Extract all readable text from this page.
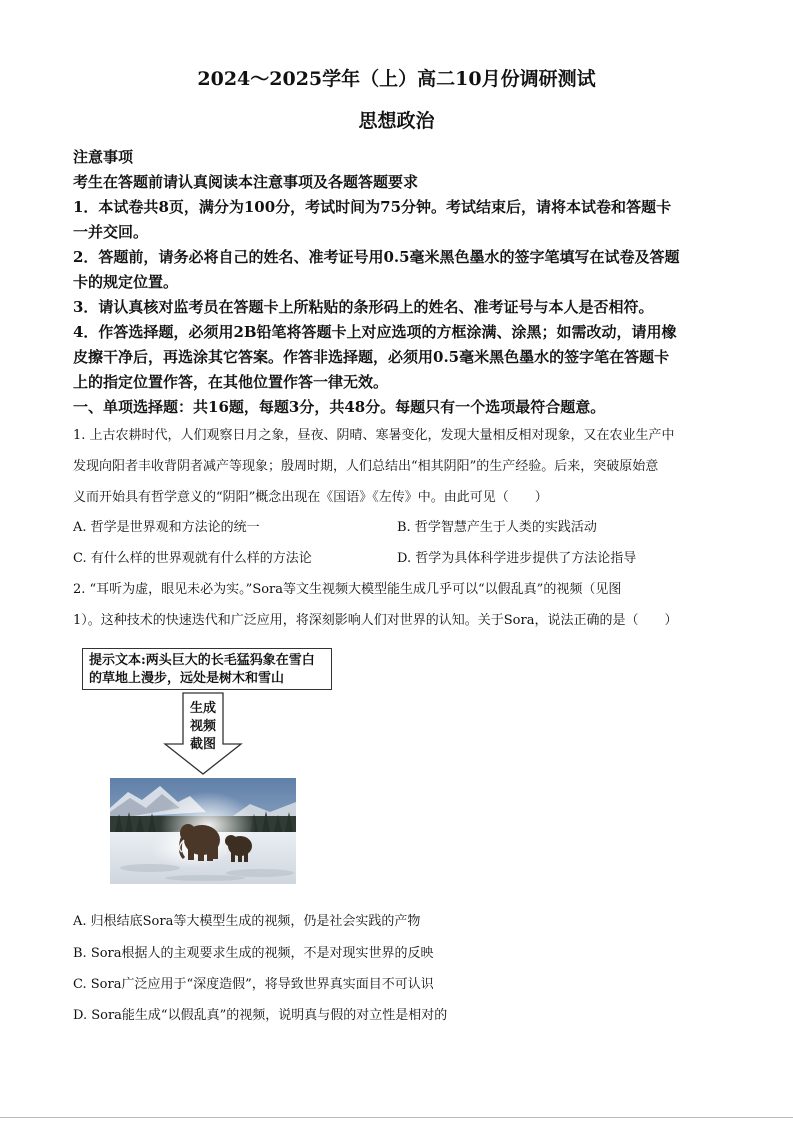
2024～2025学年（上）高二10月份调研测试
思想政治
注意事项
考生在答题前请认真阅读本注意事项及各题答题要求
1．本试卷共8页，满分为100分，考试时间为75分钟。考试结束后，请将本试卷和答题卡
一并交回。
2．答题前，请务必将自己的姓名、准考证号用0.5毫米黑色墨水的签字笔填写在试卷及答题
卡的规定位置。
3．请认真核对监考员在答题卡上所粘贴的条形码上的姓名、准考证号与本人是否相符。
4．作答选择题，必须用2B铅笔将答题卡上对应选项的方框涂满、涂黑；如需改动，请用橡
皮擦干净后，再选涂其它答案。作答非选择题，必须用0.5毫米黑色墨水的签字笔在答题卡
上的指定位置作答，在其他位置作答一律无效。
一、单项选择题：共16题，每题3分，共48分。每题只有一个选项最符合题意。
1. 上古农耕时代，人们观察日月之象，昼夜、阴晴、寒暑变化，发现大量相反相对现象，又在农业生产中
发现向阳者丰收背阴者减产等现象；殷周时期，人们总结出“相其阴阳”的生产经验。后来，突破原始意
义而开始具有哲学意义的“阴阳”概念出现在《国语》《左传》中。由此可见（　　）
A. 哲学是世界观和方法论的统一	B. 哲学智慧产生于人类的实践活动
C. 有什么样的世界观就有什么样的方法论	D. 哲学为具体科学进步提供了方法论指导
2. “耳听为虚，眼见未必为实。”Sora等文生视频大模型能生成几乎可以“以假乱真”的视频（见图
1）。这种技术的快速迭代和广泛应用，将深刻影响人们对世界的认知。关于Sora，说法正确的是（　　）
提示文本:两头巨大的长毛猛犸象在雪白的草地上漫步，远处是树木和雪山
生成
视频
截图
A. 归根结底Sora等大模型生成的视频，仍是社会实践的产物
B. Sora根据人的主观要求生成的视频，不是对现实世界的反映
C. Sora广泛应用于“深度造假”，将导致世界真实面目不可认识
D. Sora能生成“以假乱真”的视频，说明真与假的对立性是相对的
